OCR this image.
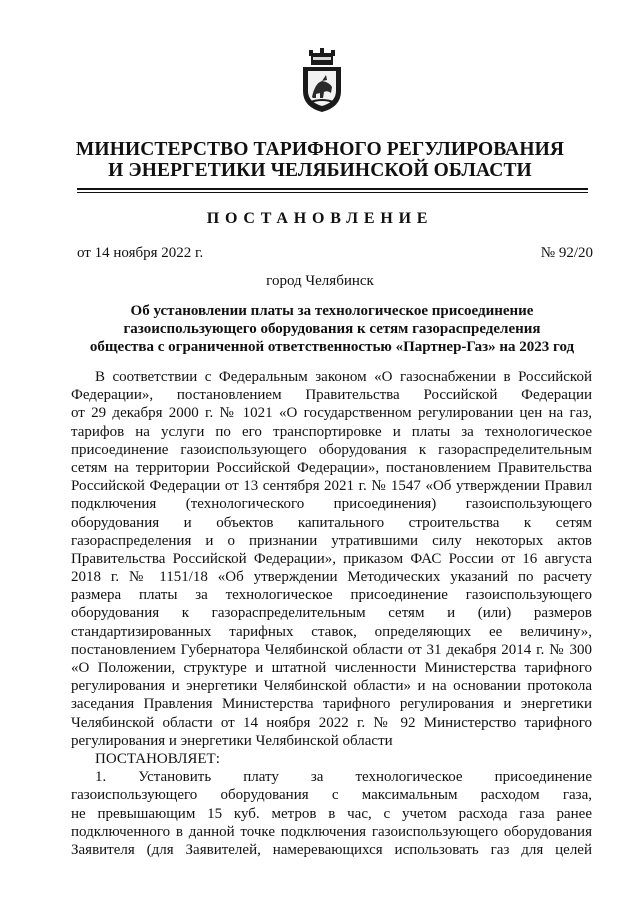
МИНИСТЕРСТВО ТАРИФНОГО РЕГУЛИРОВАНИЯ
И ЭНЕРГЕТИКИ ЧЕЛЯБИНСКОЙ ОБЛАСТИ
ПОСТАНОВЛЕНИЕ
от 14 ноября 2022 г.	№ 92/20
город Челябинск
Об установлении платы за технологическое присоединение
газоиспользующего оборудования к сетям газораспределения
общества с ограниченной ответственностью «Партнер-Газ» на 2023 год
В соответствии с Федеральным законом «О газоснабжении в Российской
Федерации», постановлением Правительства Российской Федерации
от 29 декабря 2000 г. № 1021 «О государственном регулировании цен на газ,
тарифов на услуги по его транспортировке и платы за технологическое
присоединение газоиспользующего оборудования к газораспределительным
сетям на территории Российской Федерации», постановлением Правительства
Российской Федерации от 13 сентября 2021 г. № 1547 «Об утверждении Правил
подключения (технологического присоединения) газоиспользующего
оборудования и объектов капитального строительства к сетям
газораспределения и о признании утратившими силу некоторых актов
Правительства Российской Федерации», приказом ФАС России от 16 августа
2018 г. № 1151/18 «Об утверждении Методических указаний по расчету
размера платы за технологическое присоединение газоиспользующего
оборудования к газораспределительным сетям и (или) размеров
стандартизированных тарифных ставок, определяющих ее величину»,
постановлением Губернатора Челябинской области от 31 декабря 2014 г. № 300
«О Положении, структуре и штатной численности Министерства тарифного
регулирования и энергетики Челябинской области» и на основании протокола
заседания Правления Министерства тарифного регулирования и энергетики
Челябинской области от 14 ноября 2022 г. № 92 Министерство тарифного
регулирования и энергетики Челябинской области
ПОСТАНОВЛЯЕТ:
1. Установить плату за технологическое присоединение
газоиспользующего оборудования с максимальным расходом газа,
не превышающим 15 куб. метров в час, с учетом расхода газа ранее
подключенного в данной точке подключения газоиспользующего оборудования
Заявителя (для Заявителей, намеревающихся использовать газ для целей
